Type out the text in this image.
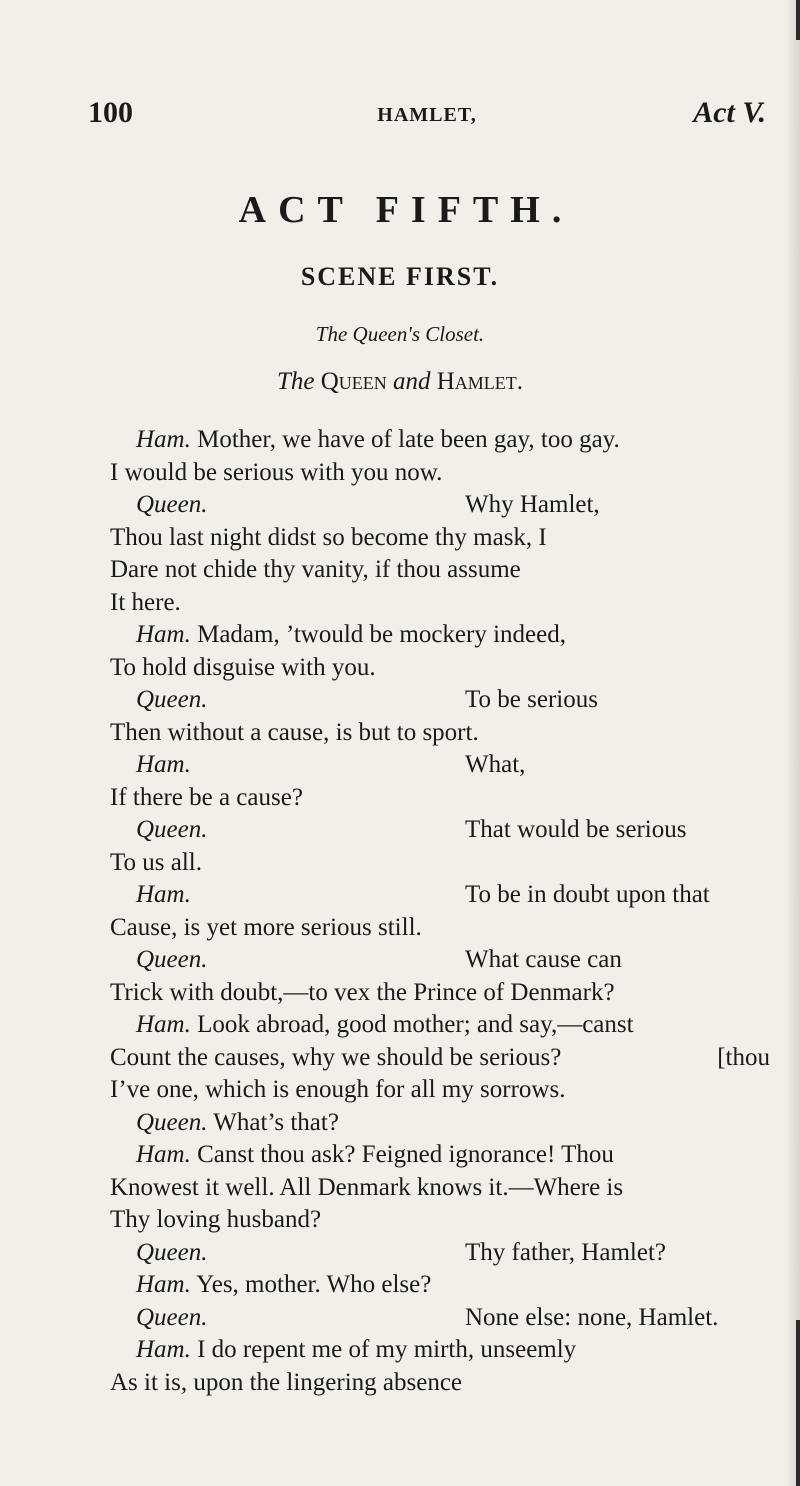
100	HAMLET,	Act V.
ACT FIFTH.
SCENE FIRST.
The Queen's Closet.
The Queen and Hamlet.
Ham. Mother, we have of late been gay, too gay.
I would be serious with you now.
Queen.	Why Hamlet,
Thou last night didst so become thy mask, I
Dare not chide thy vanity, if thou assume
It here.
Ham. Madam, ’twould be mockery indeed,
To hold disguise with you.
Queen.	To be serious
Then without a cause, is but to sport.
Ham.	What,
If there be a cause?
Queen.	That would be serious
To us all.
Ham.	To be in doubt upon that
Cause, is yet more serious still.
Queen.	What cause can
Trick with doubt,—to vex the Prince of Denmark?
Ham. Look abroad, good mother; and say,—canst
Count the causes, why we should be serious?	[thou
I’ve one, which is enough for all my sorrows.
Queen. What’s that?
Ham. Canst thou ask? Feigned ignorance! Thou
Knowest it well. All Denmark knows it.—Where is
Thy loving husband?
Queen.	Thy father, Hamlet?
Ham. Yes, mother. Who else?
Queen.	None else: none, Hamlet.
Ham. I do repent me of my mirth, unseemly
As it is, upon the lingering absence
